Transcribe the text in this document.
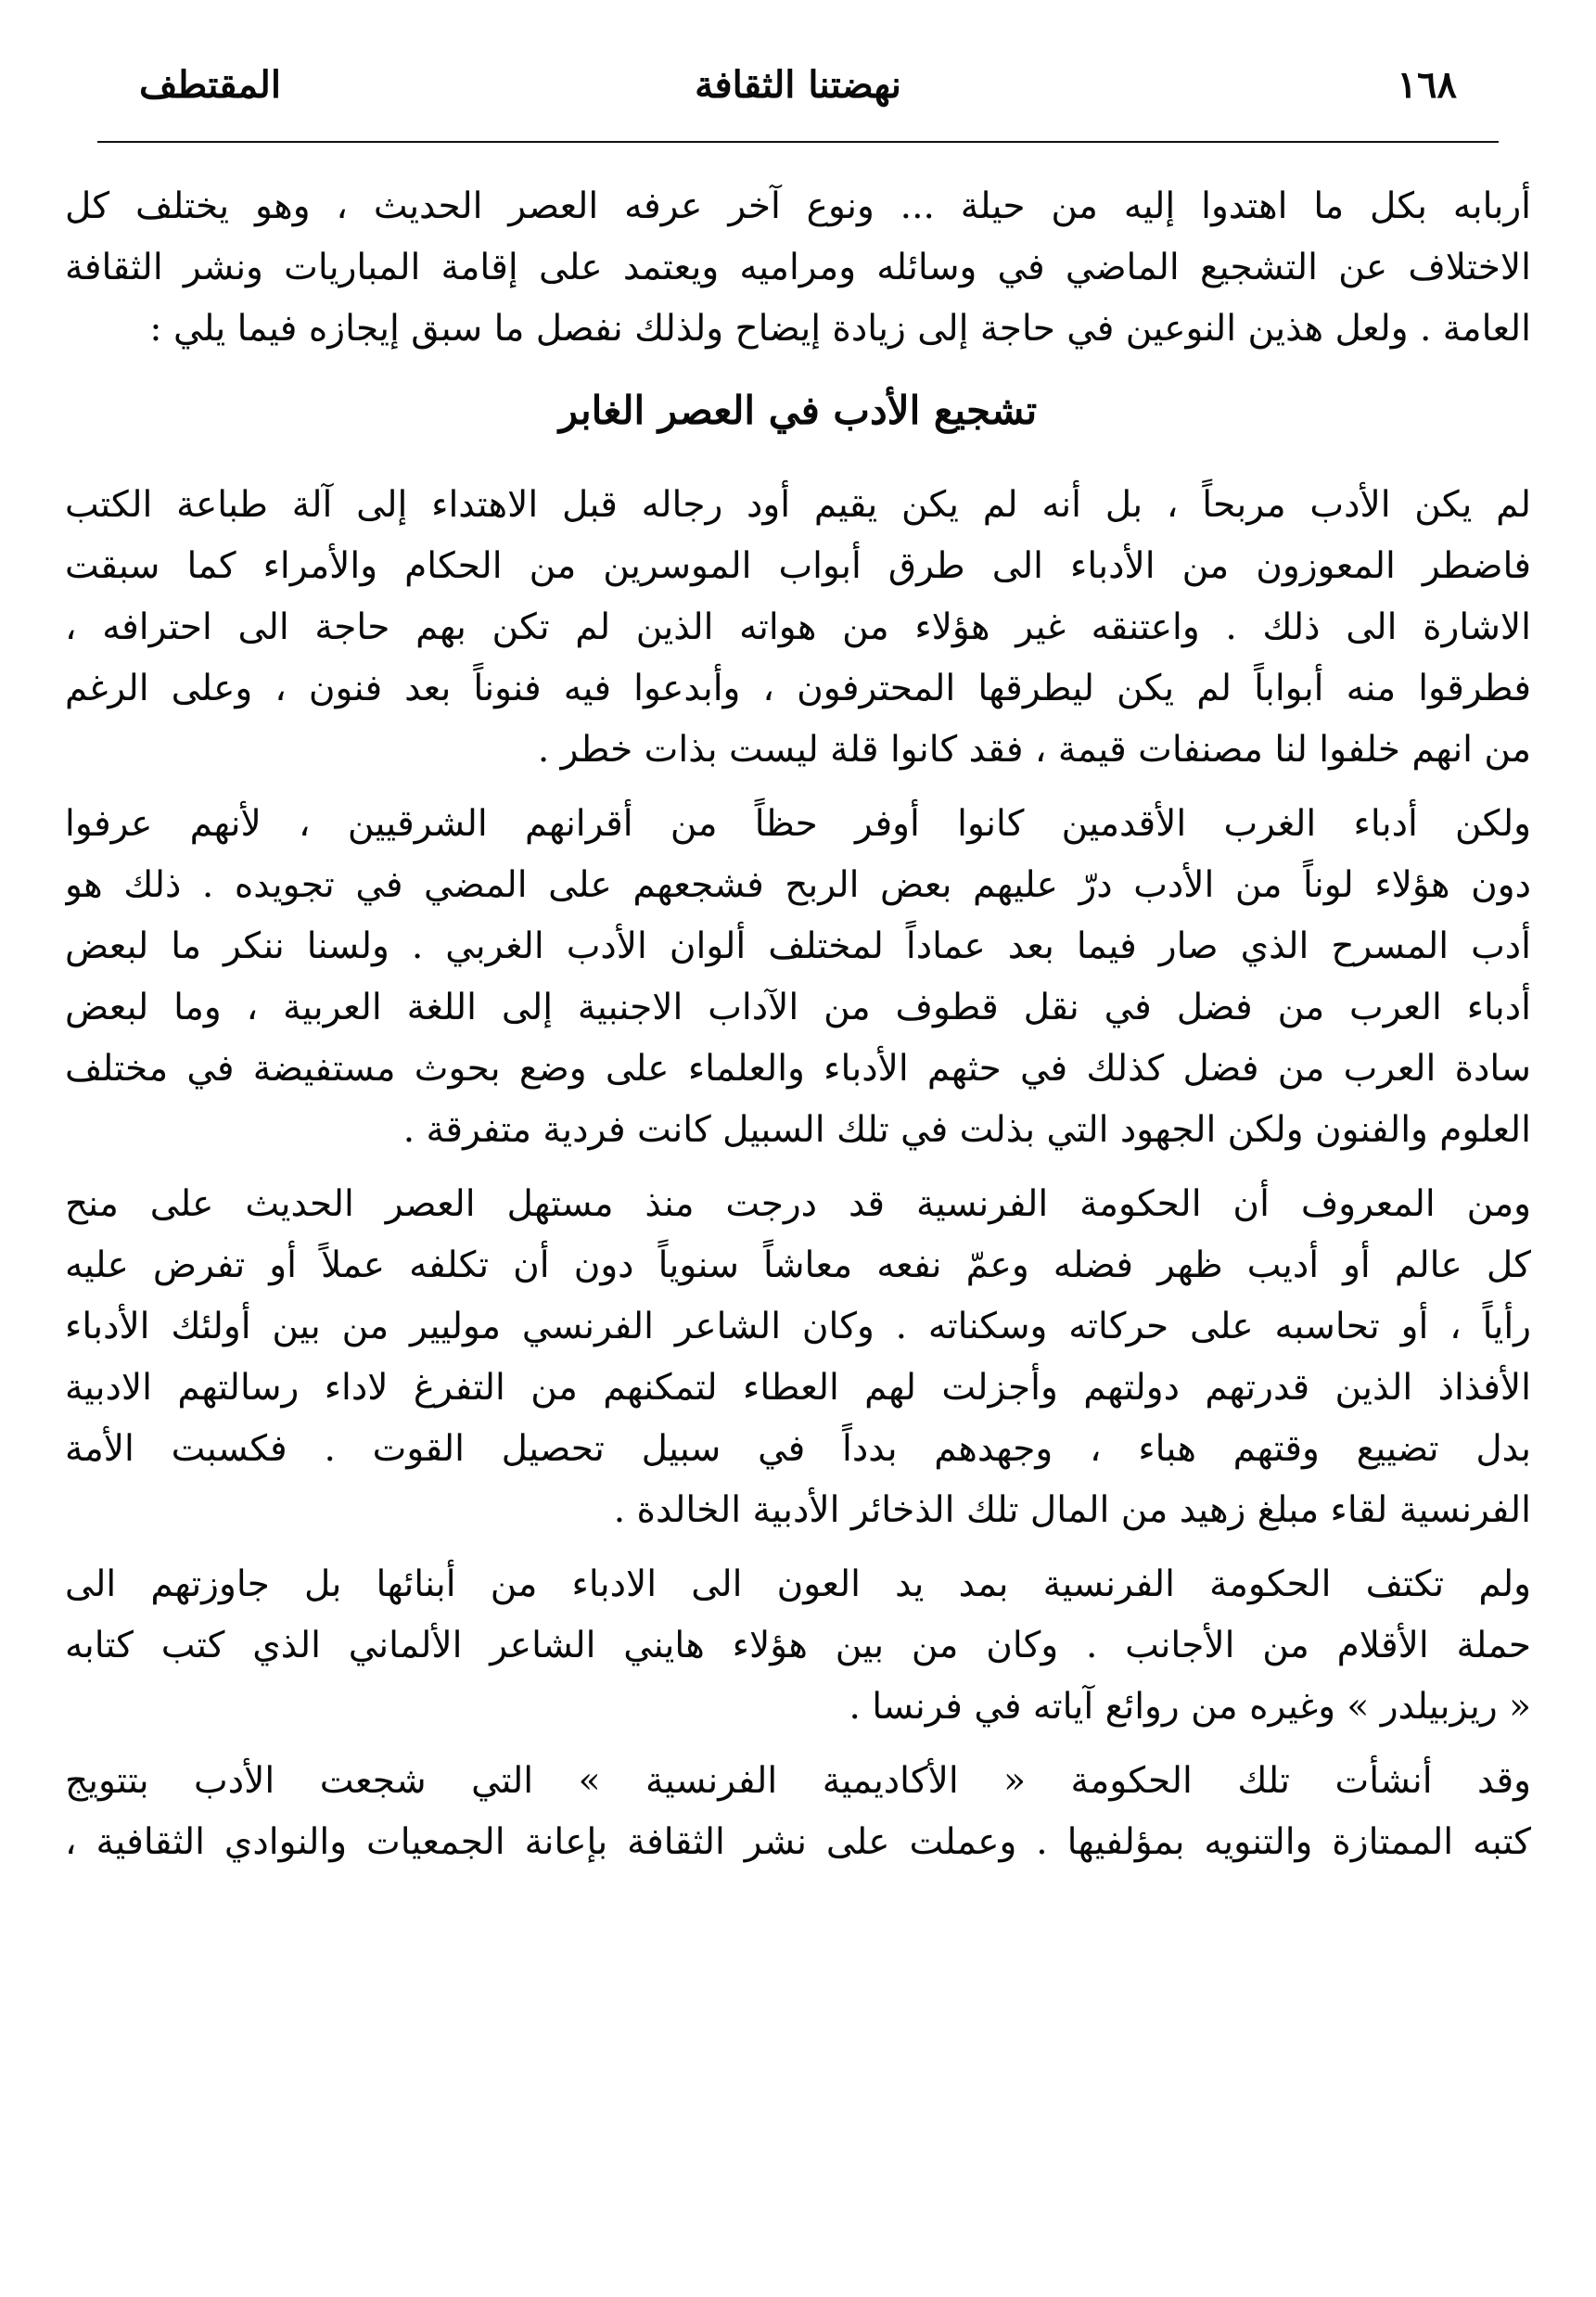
١٦٨
نهضتنا الثقافة
المقتطف
أربابه بكل ما اهتدوا إليه من حيلة ... ونوع آخر عرفه العصر الحديث ، وهو يختلف كل
الاختلاف عن التشجيع الماضي في وسائله ومراميه ويعتمد على إقامة المباريات ونشر الثقافة
العامة . ولعل هذين النوعين في حاجة إلى زيادة إيضاح ولذلك نفصل ما سبق إيجازه فيما يلي :
تشجيع الأدب في العصر الغابر
لم يكن الأدب مربحاً ، بل أنه لم يكن يقيم أود رجاله قبل الاهتداء إلى آلة طباعة الكتب
فاضطر المعوزون من الأدباء الى طرق أبواب الموسرين من الحكام والأمراء كما سبقت
الاشارة الى ذلك . واعتنقه غير هؤلاء من هواته الذين لم تكن بهم حاجة الى احترافه ،
فطرقوا منه أبواباً لم يكن ليطرقها المحترفون ، وأبدعوا فيه فنوناً بعد فنون ، وعلى الرغم
من انهم خلفوا لنا مصنفات قيمة ، فقد كانوا قلة ليست بذات خطر .
ولكن أدباء الغرب الأقدمين كانوا أوفر حظاً من أقرانهم الشرقيين ، لأنهم عرفوا
دون هؤلاء لوناً من الأدب درّ عليهم بعض الربح فشجعهم على المضي في تجويده . ذلك هو
أدب المسرح الذي صار فيما بعد عماداً لمختلف ألوان الأدب الغربي . ولسنا ننكر ما لبعض
أدباء العرب من فضل في نقل قطوف من الآداب الاجنبية إلى اللغة العربية ، وما لبعض
سادة العرب من فضل كذلك في حثهم الأدباء والعلماء على وضع بحوث مستفيضة في مختلف
العلوم والفنون ولكن الجهود التي بذلت في تلك السبيل كانت فردية متفرقة .
ومن المعروف أن الحكومة الفرنسية قد درجت منذ مستهل العصر الحديث على منح
كل عالم أو أديب ظهر فضله وعمّ نفعه معاشاً سنوياً دون أن تكلفه عملاً أو تفرض عليه
رأياً ، أو تحاسبه على حركاته وسكناته . وكان الشاعر الفرنسي موليير من بين أولئك الأدباء
الأفذاذ الذين قدرتهم دولتهم وأجزلت لهم العطاء لتمكنهم من التفرغ لاداء رسالتهم الادبية
بدل تضييع وقتهم هباء ، وجهدهم بدداً في سبيل تحصيل القوت . فكسبت الأمة
الفرنسية لقاء مبلغ زهيد من المال تلك الذخائر الأدبية الخالدة .
ولم تكتف الحكومة الفرنسية بمد يد العون الى الادباء من أبنائها بل جاوزتهم الى
حملة الأقلام من الأجانب . وكان من بين هؤلاء هايني الشاعر الألماني الذي كتب كتابه
« ريزبيلدر » وغيره من روائع آياته في فرنسا .
وقد أنشأت تلك الحكومة « الأكاديمية الفرنسية » التي شجعت الأدب بتتويج
كتبه الممتازة والتنويه بمؤلفيها . وعملت على نشر الثقافة بإعانة الجمعيات والنوادي الثقافية ،
